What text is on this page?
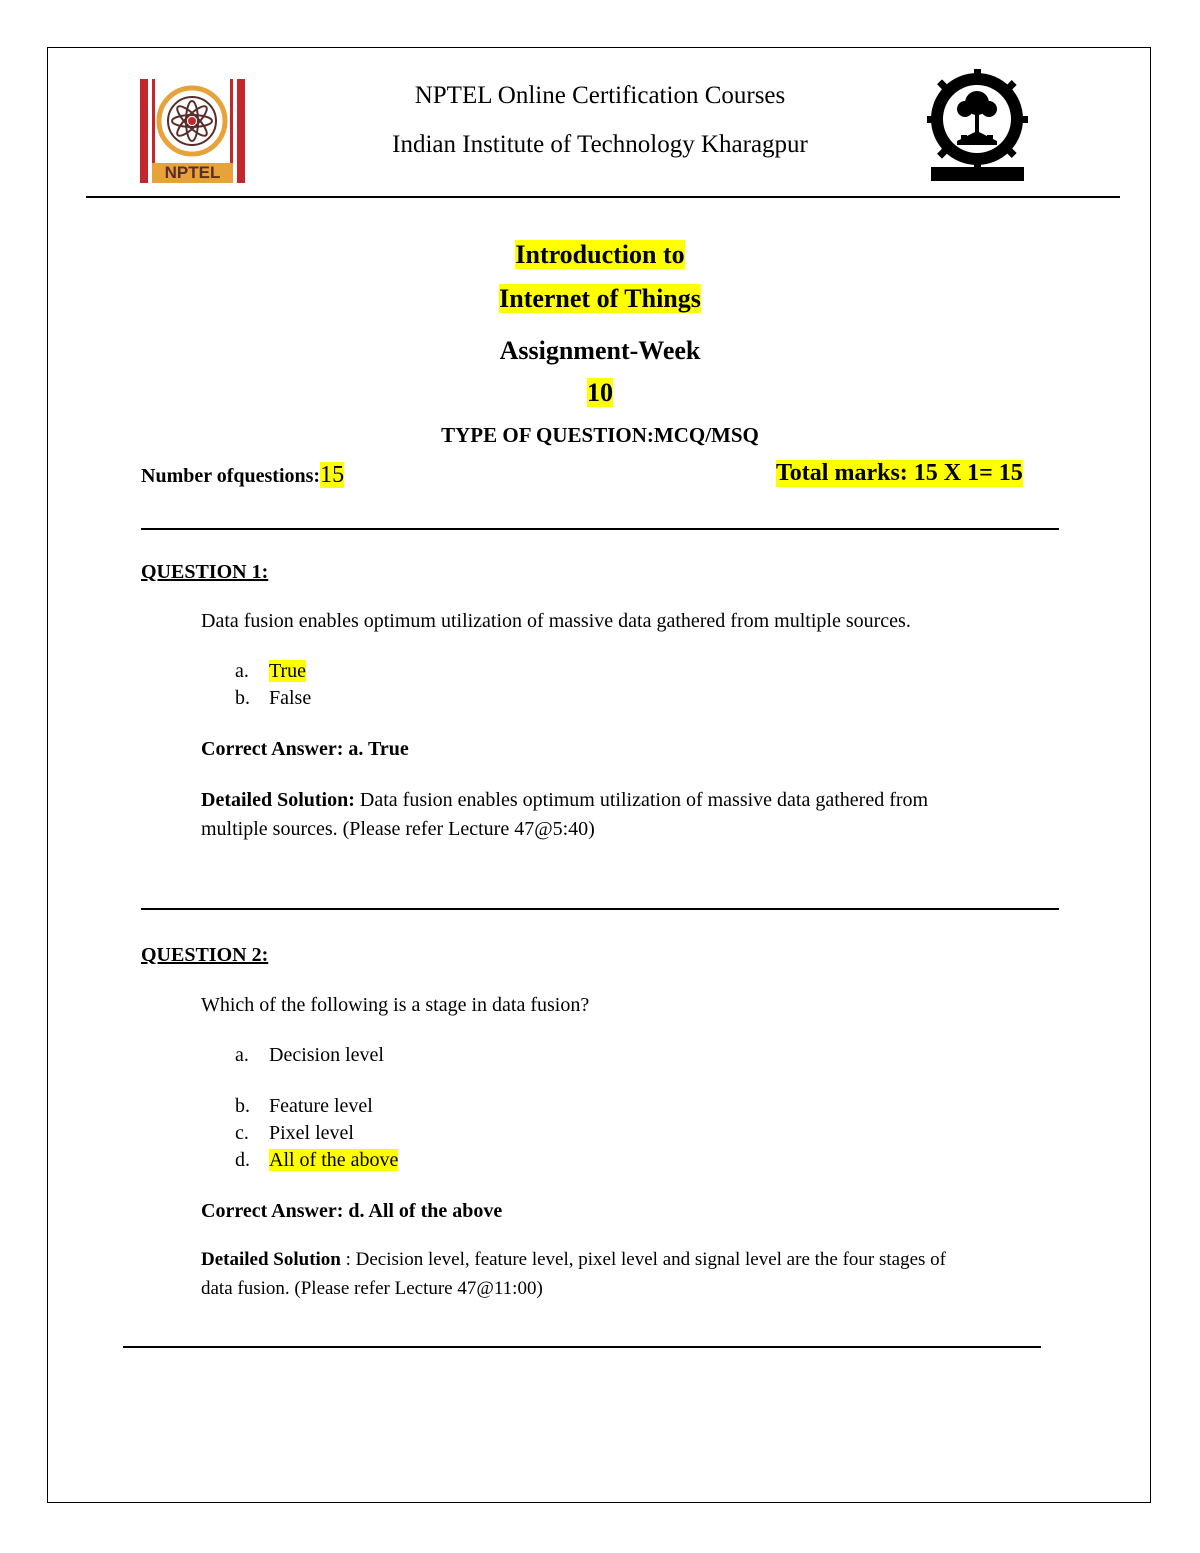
NPTEL
NPTEL Online Certification Courses
Indian Institute of Technology Kharagpur
Introduction to
Internet of Things
Assignment-Week
10
TYPE OF QUESTION:MCQ/MSQ
Number ofquestions:15	Total marks: 15 X 1= 15
QUESTION 1:
Data fusion enables optimum utilization of massive data gathered from multiple sources.
a. True
b. False
Correct Answer: a. True
Detailed Solution: Data fusion enables optimum utilization of massive data gathered from
multiple sources. (Please refer Lecture 47@5:40)
QUESTION 2:
Which of the following is a stage in data fusion?
a. Decision level
b. Feature level
c. Pixel level
d. All of the above
Correct Answer: d. All of the above
Detailed Solution : Decision level, feature level, pixel level and signal level are the four stages of
data fusion. (Please refer Lecture 47@11:00)
